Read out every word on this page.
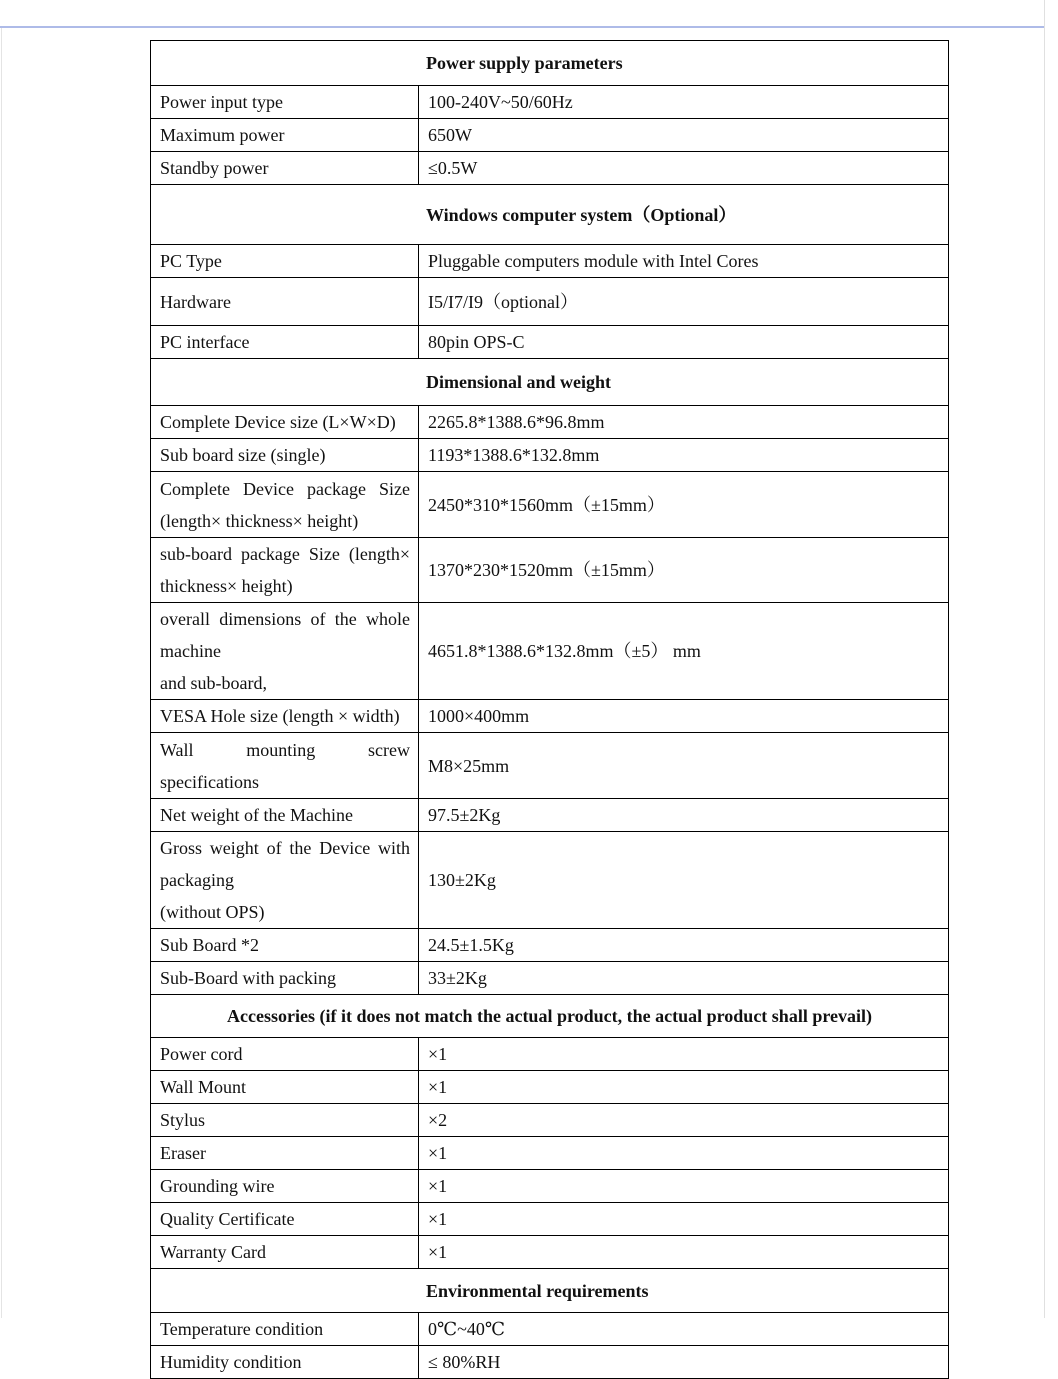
Power supply parameters	
Power input type	100-240V~50/60Hz
Maximum power	650W
Standby power	≤0.5W
Windows computer system（Optional）	
PC Type	Pluggable computers module with Intel Cores
Hardware	I5/I7/I9（optional）
PC interface	80pin OPS-C
Dimensional and weight	
Complete Device size (L×W×D)	2265.8*1388.6*96.8mm
Sub board size (single)	1193*1388.6*132.8mm

Complete Device package Size
(length× thickness× height)	2450*310*1560mm（±15mm）

sub-board package Size (length×
thickness× height)	1370*230*1520mm（±15mm）

overall dimensions of the whole machine
and sub-board,	4651.8*1388.6*132.8mm（±5） mm
VESA Hole size (length × width)	1000×400mm

Wall mounting screw
specifications	M8×25mm
Net weight of the Machine	97.5±2Kg

Gross weight of the Device with packaging
(without OPS)	130±2Kg
Sub Board *2	24.5±1.5Kg
Sub-Board with packing	33±2Kg
Accessories (if it does not match the actual product, the actual product shall prevail)	
Power cord	×1
Wall Mount	×1
Stylus	×2
Eraser	×1
Grounding wire	×1
Quality Certificate	×1
Warranty Card	×1
Environmental requirements	
Temperature condition	0℃~40℃
Humidity condition	≤ 80%RH
